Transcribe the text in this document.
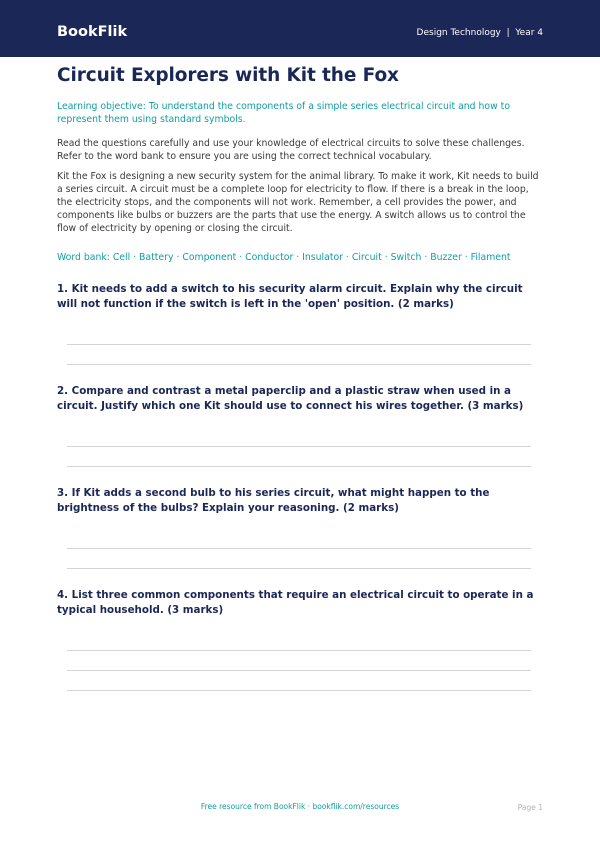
BookFlik	Design Technology  |  Year 4
Circuit Explorers with Kit the Fox

Learning objective: To understand the components of a simple series electrical circuit and how to represent them using standard symbols.

Read the questions carefully and use your knowledge of electrical circuits to solve these challenges. Refer to the word bank to ensure you are using the correct technical vocabulary.

Kit the Fox is designing a new security system for the animal library. To make it work, Kit needs to build a series circuit. A circuit must be a complete loop for electricity to flow. If there is a break in the loop, the electricity stops, and the components will not work. Remember, a cell provides the power, and components like bulbs or buzzers are the parts that use the energy. A switch allows us to control the flow of electricity by opening or closing the circuit.

Word bank: Cell · Battery · Component · Conductor · Insulator · Circuit · Switch · Buzzer · Filament

1. Kit needs to add a switch to his security alarm circuit. Explain why the circuit will not function if the switch is left in the 'open' position. (2 marks)

2. Compare and contrast a metal paperclip and a plastic straw when used in a circuit. Justify which one Kit should use to connect his wires together. (3 marks)

3. If Kit adds a second bulb to his series circuit, what might happen to the brightness of the bulbs? Explain your reasoning. (2 marks)

4. List three common components that require an electrical circuit to operate in a typical household. (3 marks)

Free resource from BookFlik · bookflik.com/resources	Page 1
